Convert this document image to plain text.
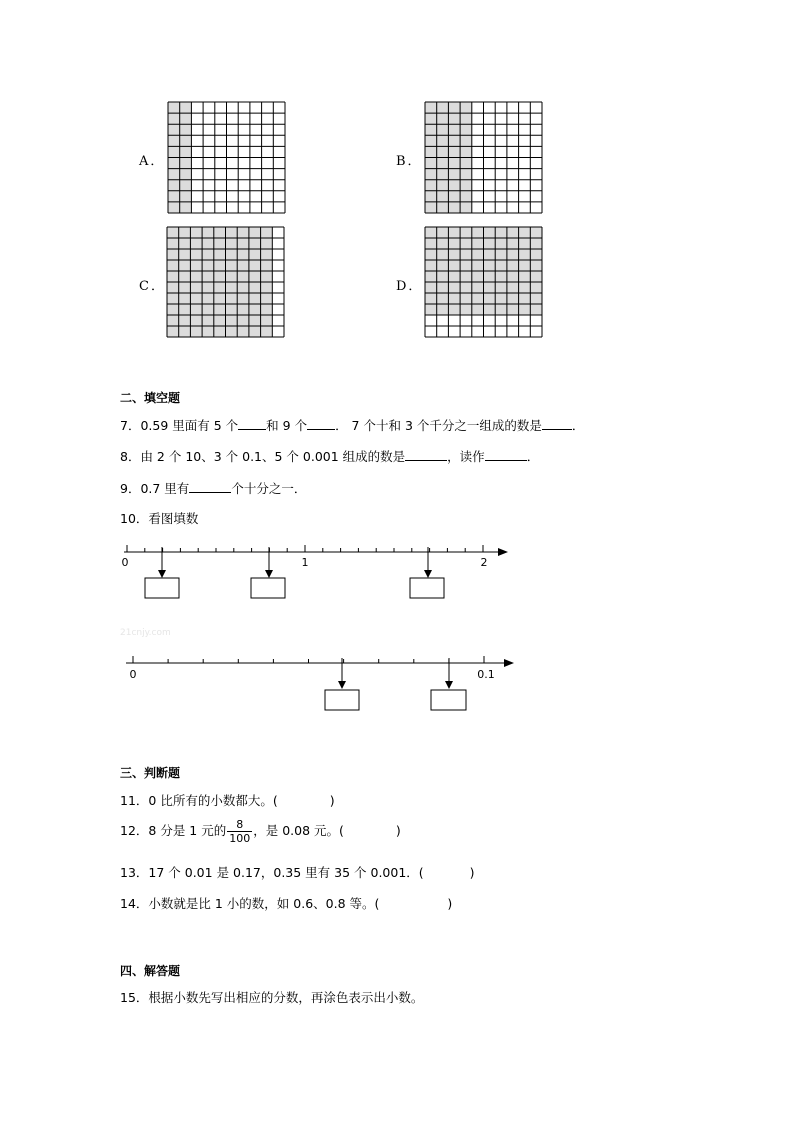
A．	B．
C．	D．
二、填空题
7．0.59 里面有 5 个 和 9 个 ． 7 个十和 3 个千分之一组成的数是 ．
8．由 2 个 10、3 个 0.1、5 个 0.001 组成的数是	，读作	．
9．0.7 里有	个十分之一．
10．看图填数
0	1	2
21cnjy.com
0	0.1
三、判断题
11．0 比所有的小数都大。(	)
12．8 分是 1 元的 $\frac{8}{100}$ ，是 0.08 元。(	)
13．17 个 0.01 是 0.17，0.35 里有 35 个 0.001．(	)
14．小数就是比 1 小的数，如 0.6、0.8 等。(	)
四、解答题
15．根据小数先写出相应的分数，再涂色表示出小数。
